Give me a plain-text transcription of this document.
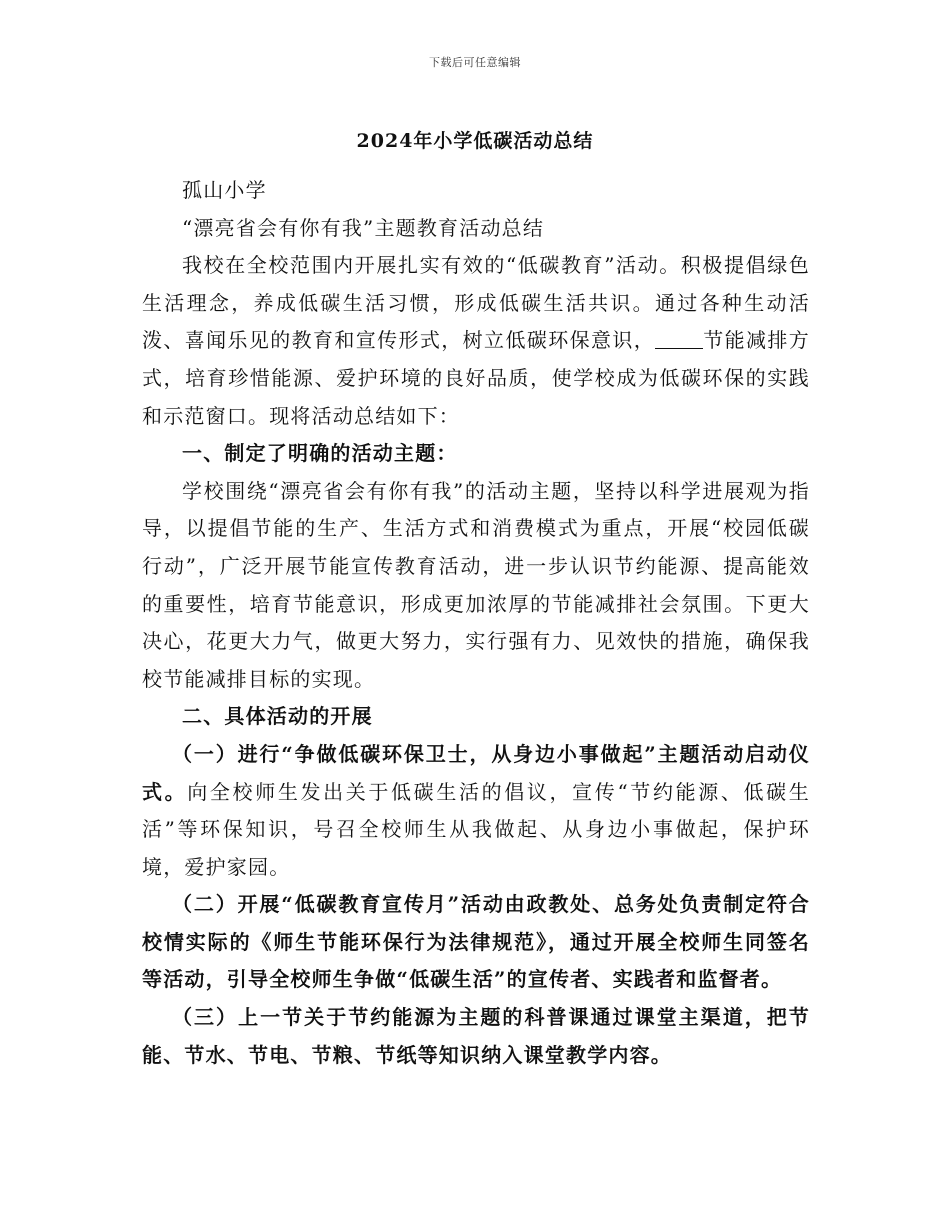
下载后可任意编辑
2024年小学低碳活动总结

孤山小学

“漂亮省会有你有我”主题教育活动总结

我校在全校范围内开展扎实有效的“低碳教育”活动。积极提倡绿色生活理念，养成低碳生活习惯，形成低碳生活共识。通过各种生动活泼、喜闻乐见的教育和宣传形式，树立低碳环保意识， 节能减排方式，培育珍惜能源、爱护环境的良好品质，使学校成为低碳环保的实践和示范窗口。现将活动总结如下：

一、制定了明确的活动主题：

学校围绕“漂亮省会有你有我”的活动主题，坚持以科学进展观为指导，以提倡节能的生产、生活方式和消费模式为重点，开展“校园低碳行动”，广泛开展节能宣传教育活动，进一步认识节约能源、提高能效的重要性，培育节能意识，形成更加浓厚的节能减排社会氛围。下更大决心，花更大力气，做更大努力，实行强有力、见效快的措施，确保我校节能减排目标的实现。

二、具体活动的开展

（一）进行“争做低碳环保卫士，从身边小事做起”主题活动启动仪式。向全校师生发出关于低碳生活的倡议，宣传“节约能源、低碳生活”等环保知识，号召全校师生从我做起、从身边小事做起，保护环境，爱护家园。

（二）开展“低碳教育宣传月”活动由政教处、总务处负责制定符合校情实际的《师生节能环保行为法律规范》，通过开展全校师生同签名等活动，引导全校师生争做“低碳生活”的宣传者、实践者和监督者。

（三）上一节关于节约能源为主题的科普课通过课堂主渠道，把节能、节水、节电、节粮、节纸等知识纳入课堂教学内容。
